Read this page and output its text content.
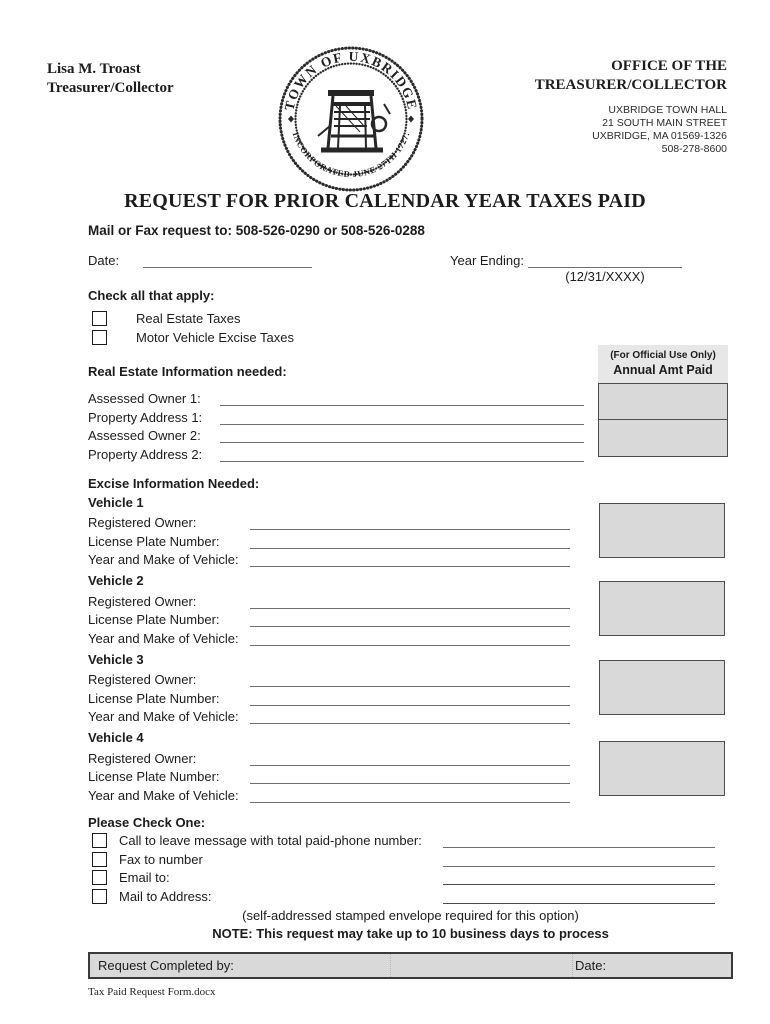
Lisa M. Troast
Treasurer/Collector
TOWN OF UXBRIDGE
INCORPORATED JUNE 27TH 1727.
OFFICE OF THE
TREASURER/COLLECTOR
UXBRIDGE TOWN HALL
21 SOUTH MAIN STREET
UXBRIDGE, MA 01569-1326
508-278-8600
REQUEST FOR PRIOR CALENDAR YEAR TAXES PAID
(For Official Use Only)
Annual Amt Paid
Mail or Fax request to: 508-526-0290 or 508-526-0288
Date:	Year Ending:
(12/31/XXXX)
Check all that apply:
Real Estate Taxes
Motor Vehicle Excise Taxes
Real Estate Information needed:
Assessed Owner 1:
Property Address 1:
Assessed Owner 2:
Property Address 2:
Excise Information Needed:
Vehicle 1
Registered Owner:
License Plate Number:
Year and Make of Vehicle:
Vehicle 2
Registered Owner:
License Plate Number:
Year and Make of Vehicle:
Vehicle 3
Registered Owner:
License Plate Number:
Year and Make of Vehicle:
Vehicle 4
Registered Owner:
License Plate Number:
Year and Make of Vehicle:
Please Check One:
Call to leave message with total paid-phone number:
Fax to number
Email to:
Mail to Address:
(self-addressed stamped envelope required for this option)
NOTE: This request may take up to 10 business days to process
Request Completed by:	Date:
Tax Paid Request Form.docx
